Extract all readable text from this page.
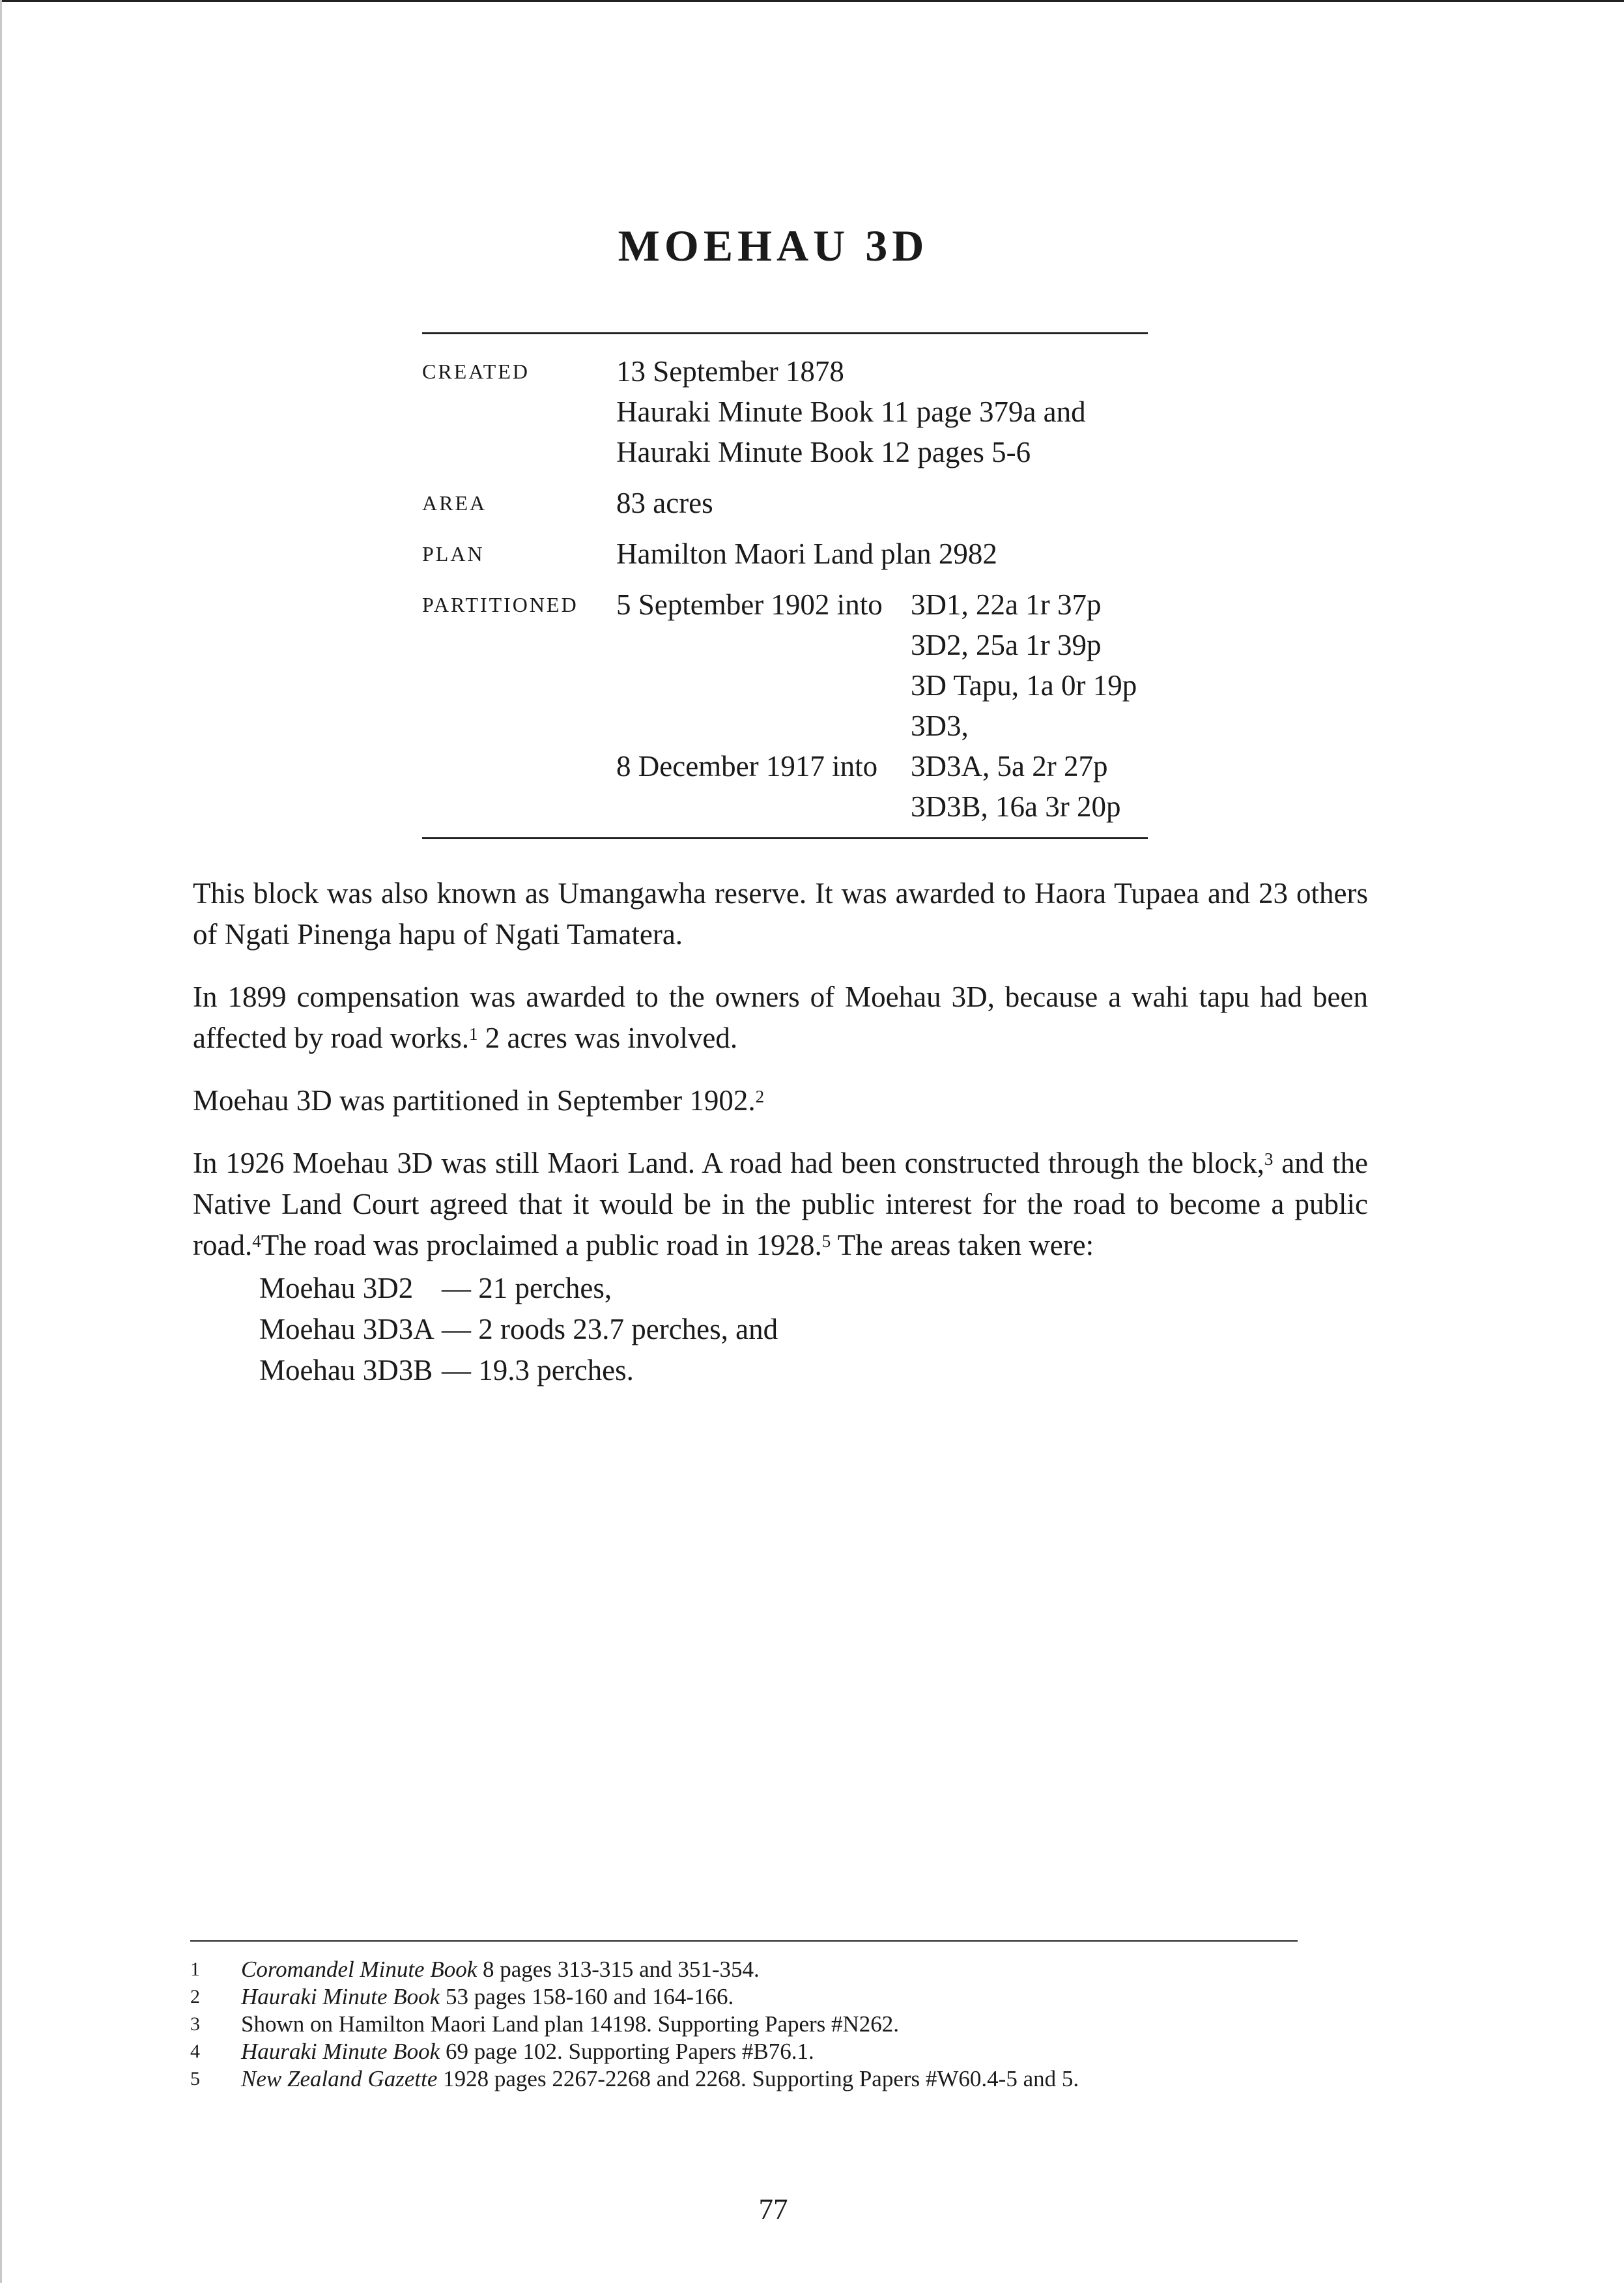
MOEHAU 3D
CREATED	13 September 1878
Hauraki Minute Book 11 page 379a and
Hauraki Minute Book 12 pages 5-6
AREA	83 acres
PLAN	Hamilton Maori Land plan 2982
PARTITIONED	5 September 1902 into 3D1, 22a 1r 37p
3D2, 25a 1r 39p
3D Tapu, 1a 0r 19p
3D3,
8 December 1917 into	3D3A, 5a 2r 27p
3D3B, 16a 3r 20p

This block was also known as Umangawha reserve. It was awarded to Haora Tupaea and 23 others of Ngati Pinenga hapu of Ngati Tamatera.

In 1899 compensation was awarded to the owners of Moehau 3D, because a wahi tapu had been affected by road works.$^1$ 2 acres was involved.

Moehau 3D was partitioned in September 1902.$^2$

In 1926 Moehau 3D was still Maori Land. A road had been constructed through the block,$^3$ and the Native Land Court agreed that it would be in the public interest for the road to become a public road.$^4$The road was proclaimed a public road in 1928.$^5$ The areas taken were:

Moehau 3D2 — 21 perches,
Moehau 3D3A — 2 roods 23.7 perches, and
Moehau 3D3B — 19.3 perches.
1	Coromandel Minute Book 8 pages 313-315 and 351-354.
2	Hauraki Minute Book 53 pages 158-160 and 164-166.
3	Shown on Hamilton Maori Land plan 14198. Supporting Papers #N262.
4	Hauraki Minute Book 69 page 102. Supporting Papers #B76.1.
5	New Zealand Gazette 1928 pages 2267-2268 and 2268. Supporting Papers #W60.4-5 and 5.
77
